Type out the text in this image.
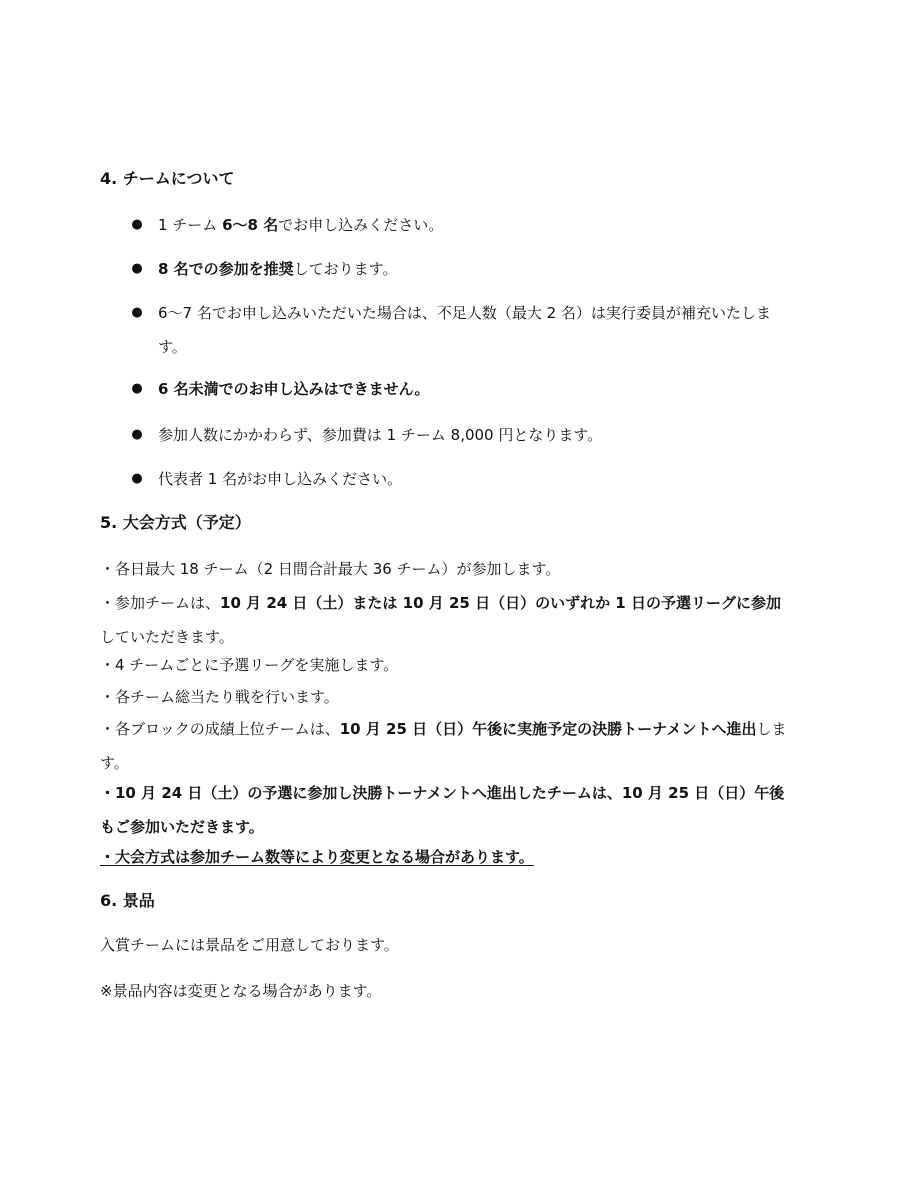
4. チームについて
● 1 チーム 6〜8 名でお申し込みください。
● 8 名での参加を推奨しております。
● 6〜7 名でお申し込みいただいた場合は、不足人数（最大 2 名）は実行委員が補充いたします。
● 6 名未満でのお申し込みはできません。
● 参加人数にかかわらず、参加費は 1 チーム 8,000 円となります。
● 代表者 1 名がお申し込みください。
5. 大会方式（予定）
・各日最大 18 チーム（2 日間合計最大 36 チーム）が参加します。
・参加チームは、10 月 24 日（土）または 10 月 25 日（日）のいずれか 1 日の予選リーグに参加していただきます。
・4 チームごとに予選リーグを実施します。
・各チーム総当たり戦を行います。
・各ブロックの成績上位チームは、10 月 25 日（日）午後に実施予定の決勝トーナメントへ進出します。
・10 月 24 日（土）の予選に参加し決勝トーナメントへ進出したチームは、10 月 25 日（日）午後もご参加いただきます。
・大会方式は参加チーム数等により変更となる場合があります。
6. 景品
入賞チームには景品をご用意しております。
※景品内容は変更となる場合があります。
